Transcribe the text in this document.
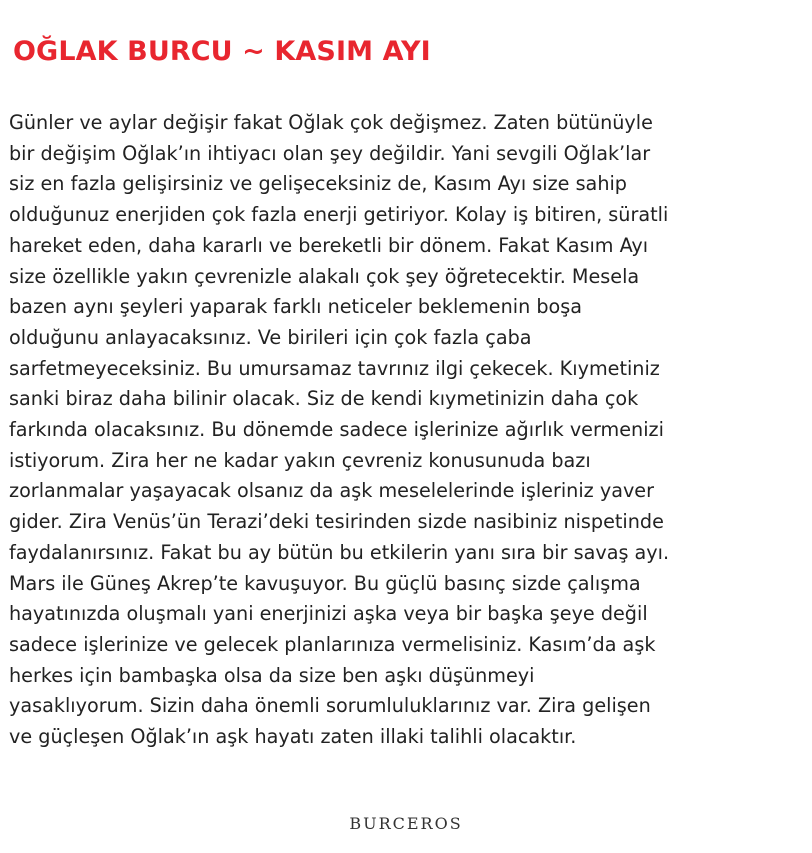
OĞLAK BURCU ~ KASIM AYI
Günler ve aylar değişir fakat Oğlak çok değişmez. Zaten bütünüyle
bir değişim Oğlak’ın ihtiyacı olan şey değildir. Yani sevgili Oğlak’lar
siz en fazla gelişirsiniz ve gelişeceksiniz de, Kasım Ayı size sahip
olduğunuz enerjiden çok fazla enerji getiriyor. Kolay iş bitiren, süratli
hareket eden, daha kararlı ve bereketli bir dönem. Fakat Kasım Ayı
size özellikle yakın çevrenizle alakalı çok şey öğretecektir. Mesela
bazen aynı şeyleri yaparak farklı neticeler beklemenin boşa
olduğunu anlayacaksınız. Ve birileri için çok fazla çaba
sarfetmeyeceksiniz. Bu umursamaz tavrınız ilgi çekecek. Kıymetiniz
sanki biraz daha bilinir olacak. Siz de kendi kıymetinizin daha çok
farkında olacaksınız. Bu dönemde sadece işlerinize ağırlık vermenizi
istiyorum. Zira her ne kadar yakın çevreniz konusunuda bazı
zorlanmalar yaşayacak olsanız da aşk meselelerinde işleriniz yaver
gider. Zira Venüs’ün Terazi’deki tesirinden sizde nasibiniz nispetinde
faydalanırsınız. Fakat bu ay bütün bu etkilerin yanı sıra bir savaş ayı.
Mars ile Güneş Akrep’te kavuşuyor. Bu güçlü basınç sizde çalışma
hayatınızda oluşmalı yani enerjinizi aşka veya bir başka şeye değil
sadece işlerinize ve gelecek planlarınıza vermelisiniz. Kasım’da aşk
herkes için bambaşka olsa da size ben aşkı düşünmeyi
yasaklıyorum. Sizin daha önemli sorumluluklarınız var. Zira gelişen
ve güçleşen Oğlak’ın aşk hayatı zaten illaki talihli olacaktır.
BURCEROS
